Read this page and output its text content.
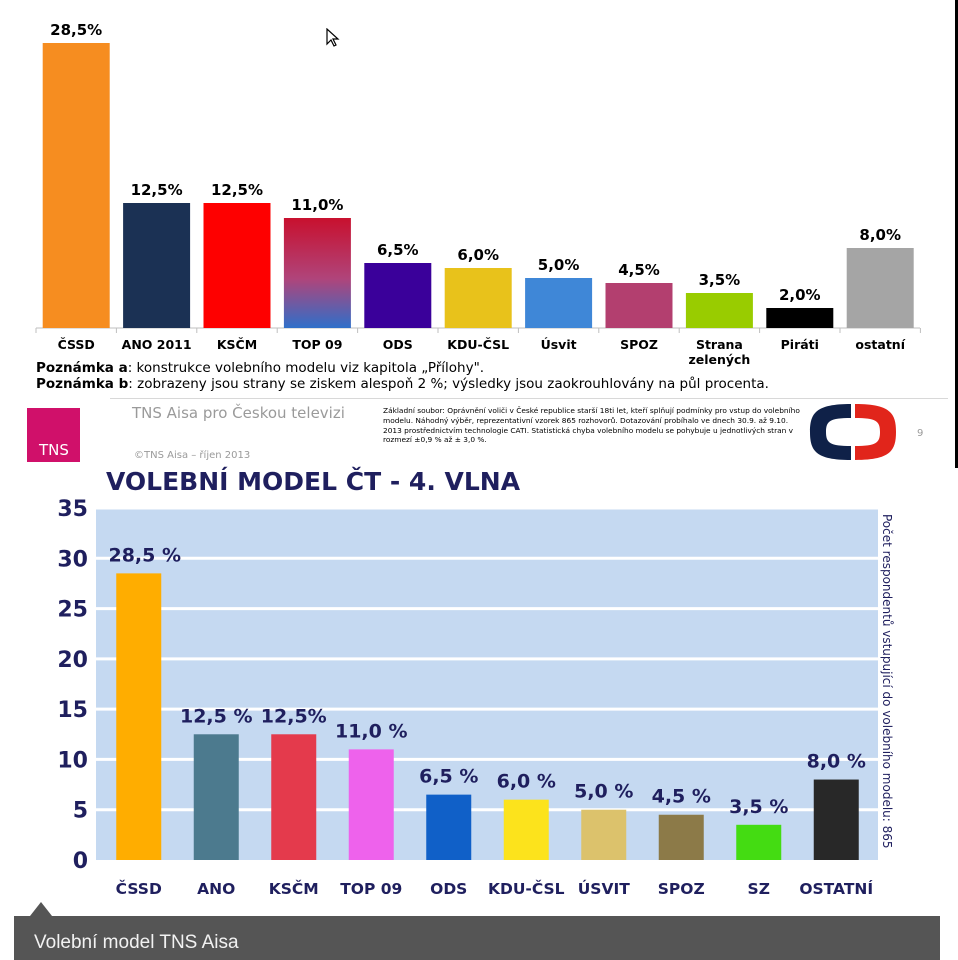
28,5%
ČSSD
12,5%
ANO 2011
12,5%
KSČM
11,0%
TOP 09
6,5%
ODS
6,0%
KDU-ČSL
5,0%
Úsvit
4,5%
SPOZ
3,5%
Strana
zelených
2,0%
Piráti
8,0%
ostatní
Poznámka a: konstrukce volebního modelu viz kapitola „Přílohy".
Poznámka b: zobrazeny jsou strany se ziskem alespoň 2 %; výsledky jsou zaokrouhlovány na půl procenta.
TNS
TNS Aisa pro Českou televizi
©TNS Aisa – říjen 2013
Základní soubor: Oprávnění voliči v České republice starší 18ti let, kteří splňují podmínky pro vstup do volebního modelu. Náhodný výběr, reprezentativní vzorek 865 rozhovorů. Dotazování probíhalo ve dnech 30.9. až 9.10. 2013 prostřednictvím technologie CATI. Statistická chyba volebního modelu se pohybuje u jednotlivých stran v rozmezí ±0,9 % až ± 3,0 %.
9
VOLEBNÍ MODEL ČT - 4. VLNA
0
5
10
15
20
25
30
35
28,5 %
ČSSD
12,5 %
ANO
12,5%
KSČM
11,0 %
TOP 09
6,5 %
ODS
6,0 %
KDU-ČSL
5,0 %
ÚSVIT
4,5 %
SPOZ
3,5 %
SZ
8,0 %
OSTATNÍ
Počet respondentů vstupující do volebního modelu: 865
Volební model TNS Aisa
